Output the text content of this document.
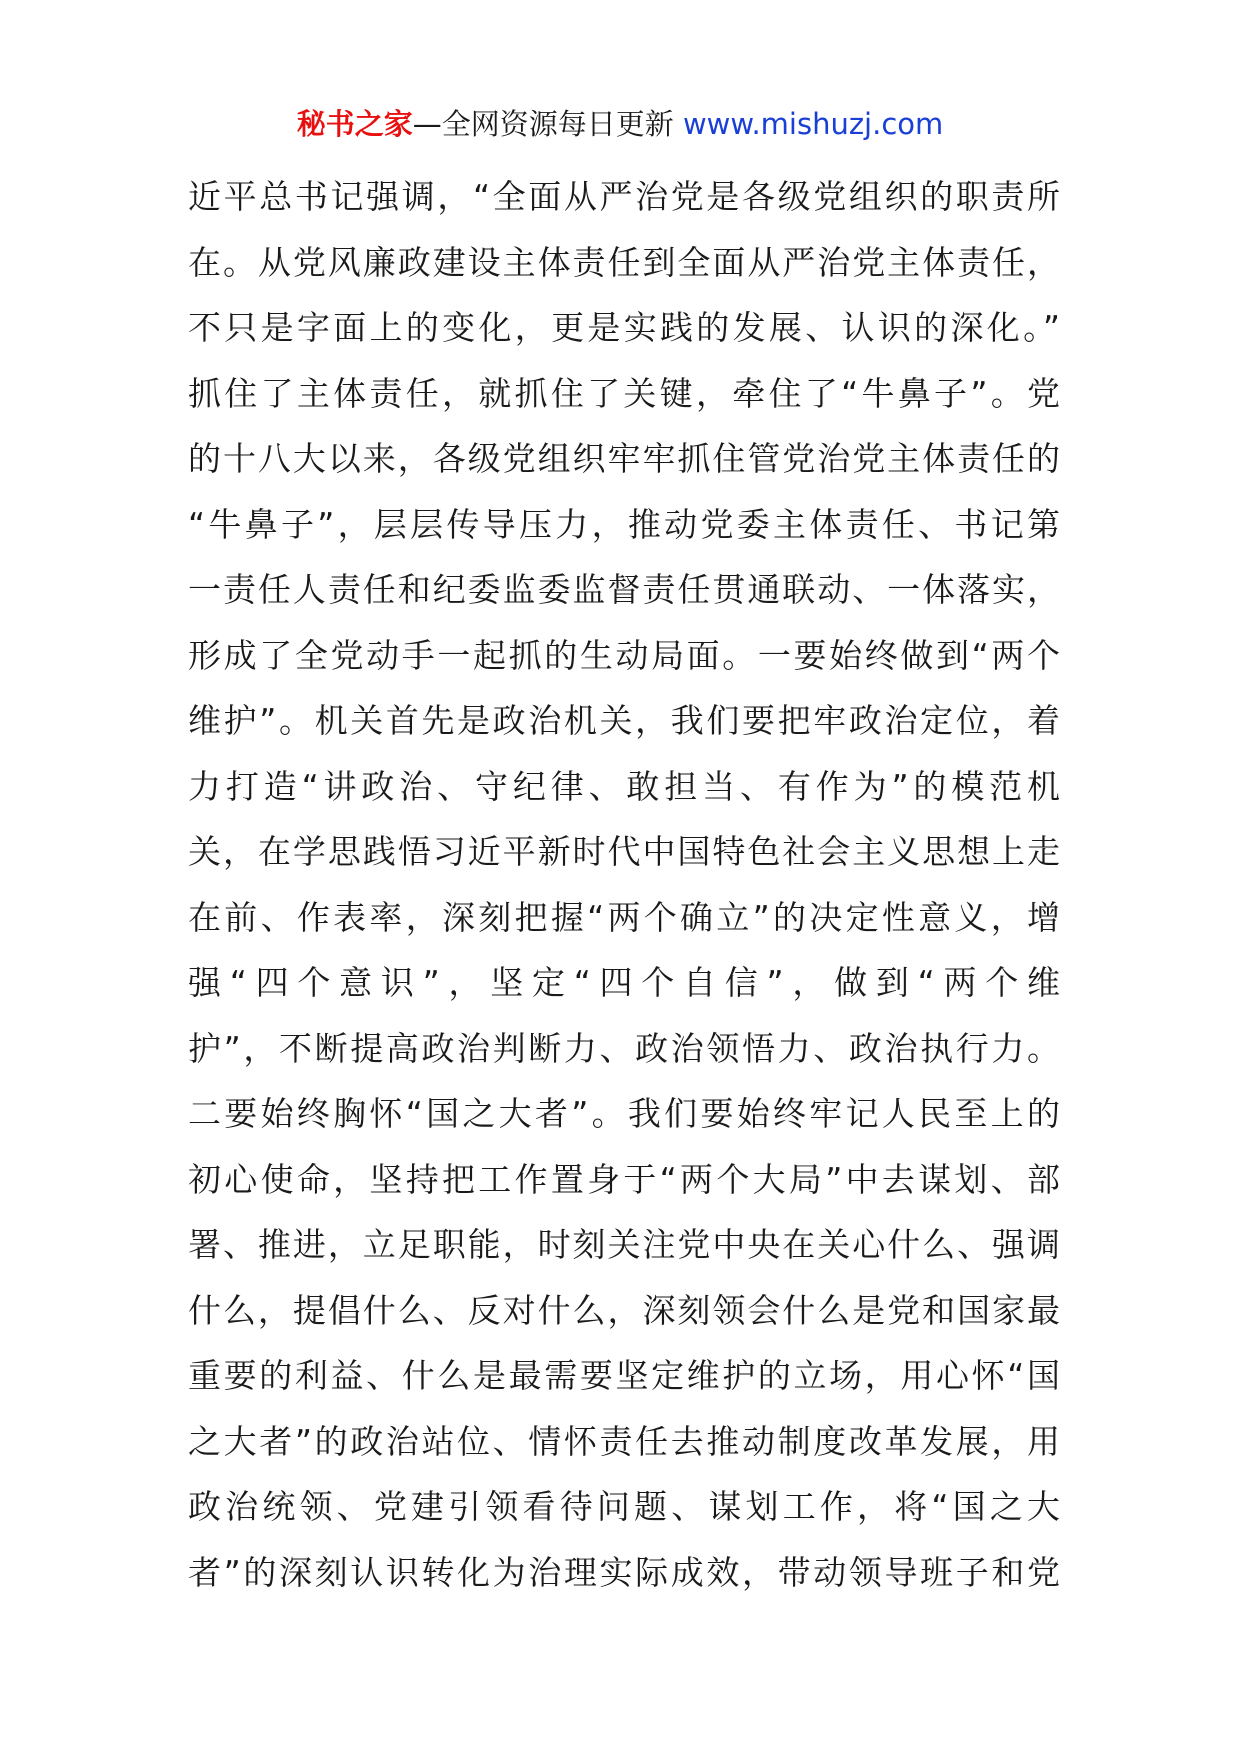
秘书之家—全网资源每日更新 www.mishuzj.com
近平总书记强调，“全面从严治党是各级党组织的职责所
在。从党风廉政建设主体责任到全面从严治党主体责任，
不只是字面上的变化，更是实践的发展、认识的深化。”
抓住了主体责任，就抓住了关键，牵住了“牛鼻子”。党
的十八大以来，各级党组织牢牢抓住管党治党主体责任的
“牛鼻子”，层层传导压力，推动党委主体责任、书记第
一责任人责任和纪委监委监督责任贯通联动、一体落实，
形成了全党动手一起抓的生动局面。一要始终做到“两个
维护”。机关首先是政治机关，我们要把牢政治定位，着
力打造“讲政治、守纪律、敢担当、有作为”的模范机
关，在学思践悟习近平新时代中国特色社会主义思想上走
在前、作表率，深刻把握“两个确立”的决定性意义，增
强“四个意识”，坚定“四个自信”，做到“两个维
护”，不断提高政治判断力、政治领悟力、政治执行力。
二要始终胸怀“国之大者”。我们要始终牢记人民至上的
初心使命，坚持把工作置身于“两个大局”中去谋划、部
署、推进，立足职能，时刻关注党中央在关心什么、强调
什么，提倡什么、反对什么，深刻领会什么是党和国家最
重要的利益、什么是最需要坚定维护的立场，用心怀“国
之大者”的政治站位、情怀责任去推动制度改革发展，用
政治统领、党建引领看待问题、谋划工作，将“国之大
者”的深刻认识转化为治理实际成效，带动领导班子和党
